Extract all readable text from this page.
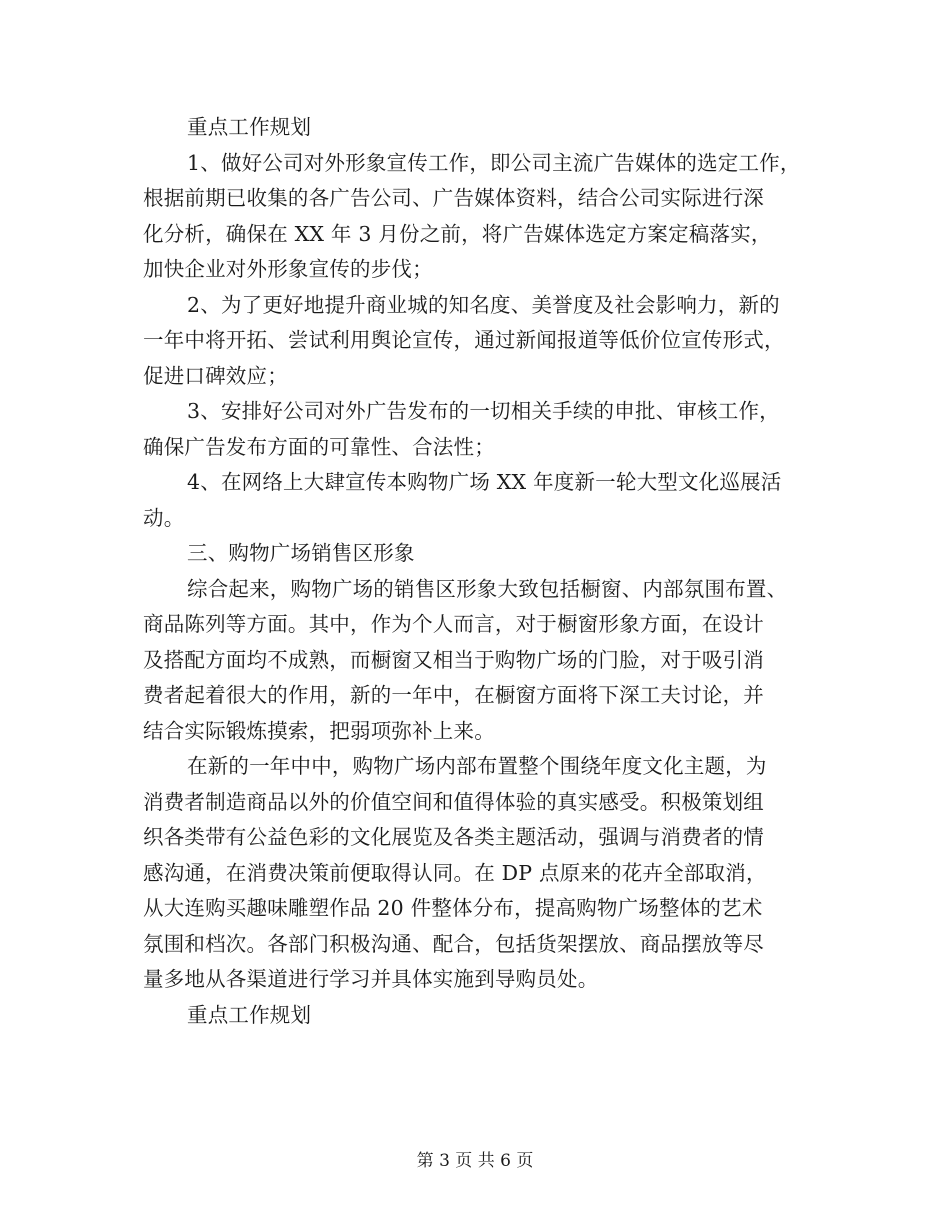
重点工作规划
1、做好公司对外形象宣传工作，即公司主流广告媒体的选定工作，
根据前期已收集的各广告公司、广告媒体资料，结合公司实际进行深
化分析，确保在 XX 年 3 月份之前，将广告媒体选定方案定稿落实，
加快企业对外形象宣传的步伐；
2、为了更好地提升商业城的知名度、美誉度及社会影响力，新的
一年中将开拓、尝试利用舆论宣传，通过新闻报道等低价位宣传形式，
促进口碑效应；
3、安排好公司对外广告发布的一切相关手续的申批、审核工作，
确保广告发布方面的可靠性、合法性；
4、在网络上大肆宣传本购物广场 XX 年度新一轮大型文化巡展活
动。
三、购物广场销售区形象
综合起来，购物广场的销售区形象大致包括橱窗、内部氛围布置、
商品陈列等方面。其中，作为个人而言，对于橱窗形象方面，在设计
及搭配方面均不成熟，而橱窗又相当于购物广场的门脸，对于吸引消
费者起着很大的作用，新的一年中，在橱窗方面将下深工夫讨论，并
结合实际锻炼摸索，把弱项弥补上来。
在新的一年中中，购物广场内部布置整个围绕年度文化主题，为
消费者制造商品以外的价值空间和值得体验的真实感受。积极策划组
织各类带有公益色彩的文化展览及各类主题活动，强调与消费者的情
感沟通，在消费决策前便取得认同。在 DP 点原来的花卉全部取消，
从大连购买趣味雕塑作品 20 件整体分布，提高购物广场整体的艺术
氛围和档次。各部门积极沟通、配合，包括货架摆放、商品摆放等尽
量多地从各渠道进行学习并具体实施到导购员处。
重点工作规划
第 3 页 共 6 页
